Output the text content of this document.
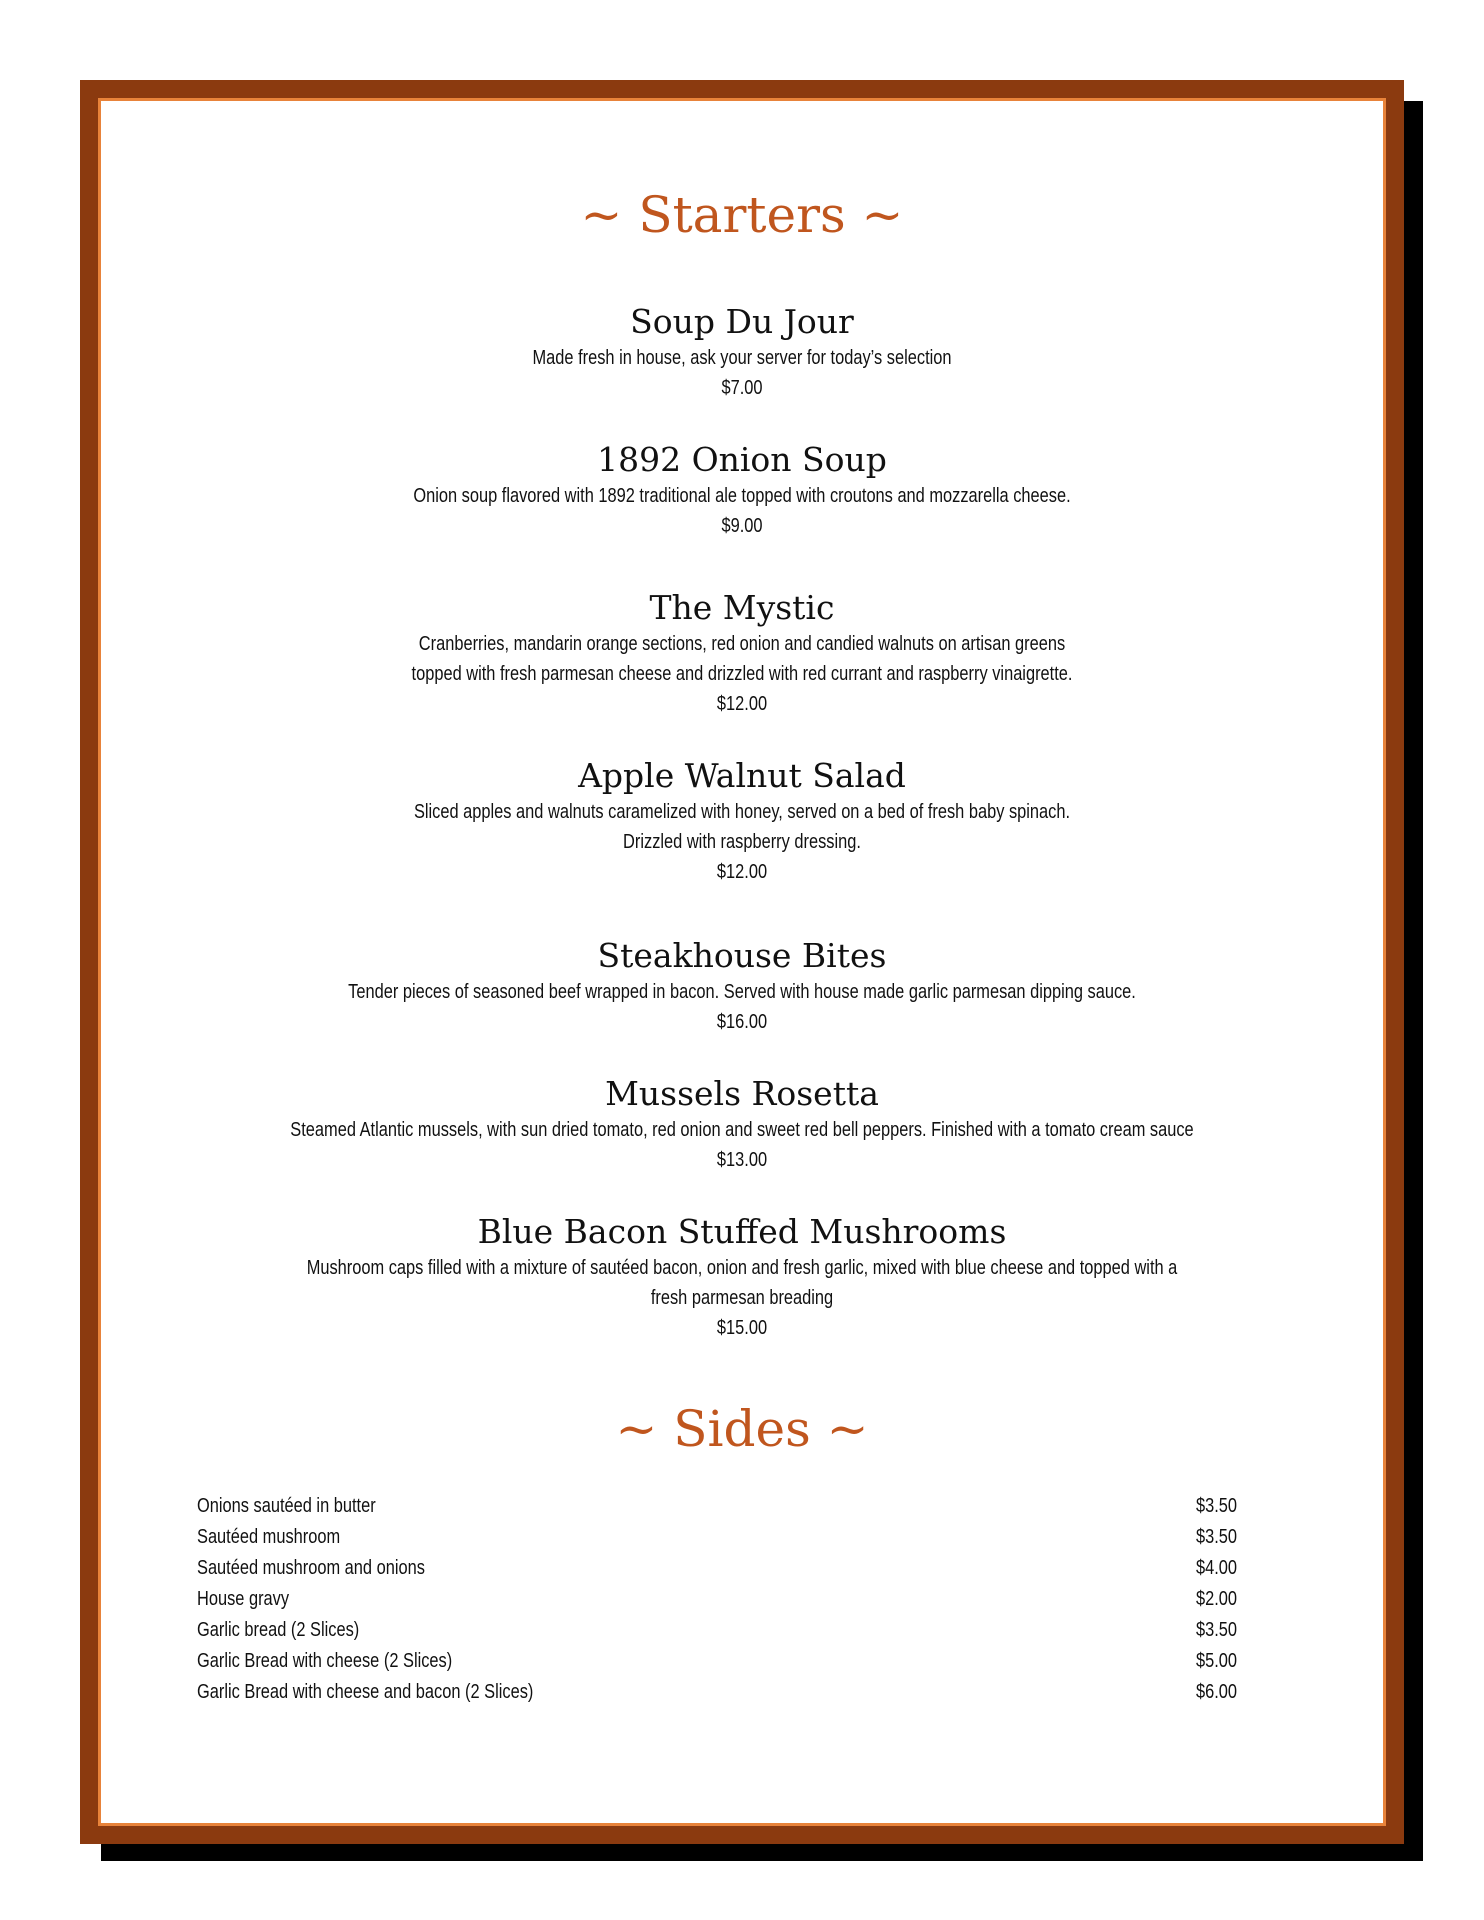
~ Starters ~
Soup Du Jour

Made fresh in house, ask your server for today’s selection

$7.00
1892 Onion Soup

Onion soup flavored with 1892 traditional ale topped with croutons and mozzarella cheese.

$9.00
The Mystic

Cranberries, mandarin orange sections, red onion and candied walnuts on artisan greens
topped with fresh parmesan cheese and drizzled with red currant and raspberry vinaigrette.

$12.00
Apple Walnut Salad

Sliced apples and walnuts caramelized with honey, served on a bed of fresh baby spinach.
Drizzled with raspberry dressing.

$12.00
Steakhouse Bites

Tender pieces of seasoned beef wrapped in bacon. Served with house made garlic parmesan dipping sauce.

$16.00
Mussels Rosetta

Steamed Atlantic mussels, with sun dried tomato, red onion and sweet red bell peppers. Finished with a tomato cream sauce

$13.00
Blue Bacon Stuffed Mushrooms

Mushroom caps filled with a mixture of sautéed bacon, onion and fresh garlic, mixed with blue cheese and topped with a
fresh parmesan breading

$15.00
~ Sides ~
Onions sautéed in butter	$3.50
Sautéed mushroom	$3.50
Sautéed mushroom and onions	$4.00
House gravy	$2.00
Garlic bread (2 Slices)	$3.50
Garlic Bread with cheese (2 Slices)	$5.00
Garlic Bread with cheese and bacon (2 Slices)	$6.00
